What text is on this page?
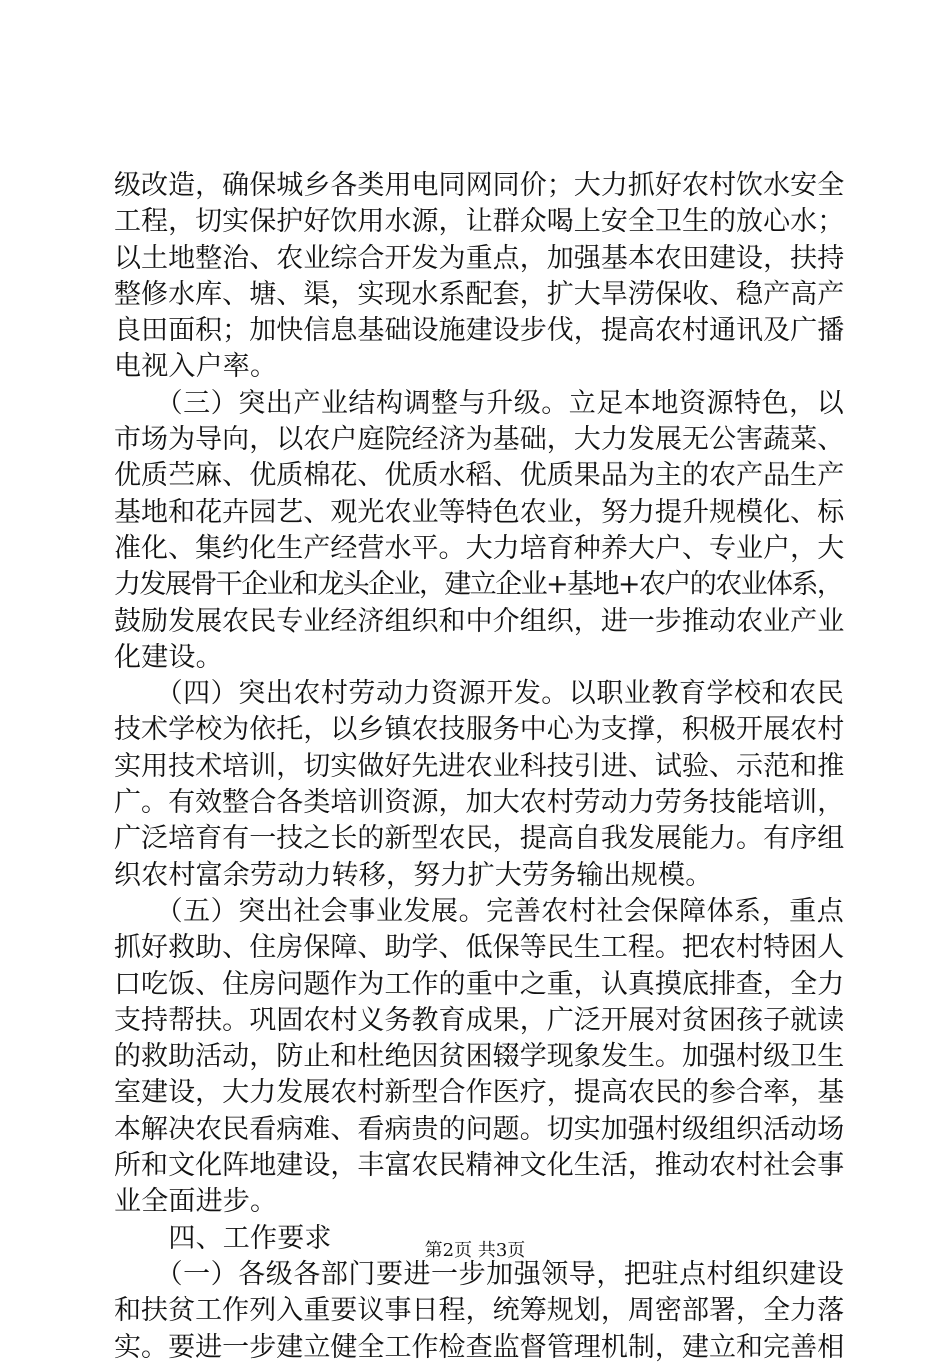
级改造，确保城乡各类用电同网同价；大力抓好农村饮水安全
工程，切实保护好饮用水源，让群众喝上安全卫生的放心水；
以土地整治、农业综合开发为重点，加强基本农田建设，扶持
整修水库、塘、渠，实现水系配套，扩大旱涝保收、稳产高产
良田面积；加快信息基础设施建设步伐，提高农村通讯及广播
电视入户率。
　　（三）突出产业结构调整与升级。立足本地资源特色，以
市场为导向，以农户庭院经济为基础，大力发展无公害蔬菜、
优质苎麻、优质棉花、优质水稻、优质果品为主的农产品生产
基地和花卉园艺、观光农业等特色农业，努力提升规模化、标
准化、集约化生产经营水平。大力培育种养大户、专业户，大
力发展骨干企业和龙头企业，建立企业+基地+农户的农业体系，
鼓励发展农民专业经济组织和中介组织，进一步推动农业产业
化建设。
　　（四）突出农村劳动力资源开发。以职业教育学校和农民
技术学校为依托，以乡镇农技服务中心为支撑，积极开展农村
实用技术培训，切实做好先进农业科技引进、试验、示范和推
广。有效整合各类培训资源，加大农村劳动力劳务技能培训，
广泛培育有一技之长的新型农民，提高自我发展能力。有序组
织农村富余劳动力转移，努力扩大劳务输出规模。
　　（五）突出社会事业发展。完善农村社会保障体系，重点
抓好救助、住房保障、助学、低保等民生工程。把农村特困人
口吃饭、住房问题作为工作的重中之重，认真摸底排查，全力
支持帮扶。巩固农村义务教育成果，广泛开展对贫困孩子就读
的救助活动，防止和杜绝因贫困辍学现象发生。加强村级卫生
室建设，大力发展农村新型合作医疗，提高农民的参合率，基
本解决农民看病难、看病贵的问题。切实加强村级组织活动场
所和文化阵地建设，丰富农民精神文化生活，推动农村社会事
业全面进步。
　　四、工作要求
　　（一）各级各部门要进一步加强领导，把驻点村组织建设
和扶贫工作列入重要议事日程，统筹规划，周密部署，全力落
实。要进一步建立健全工作检查监督管理机制，建立和完善相
第2页 共3页
